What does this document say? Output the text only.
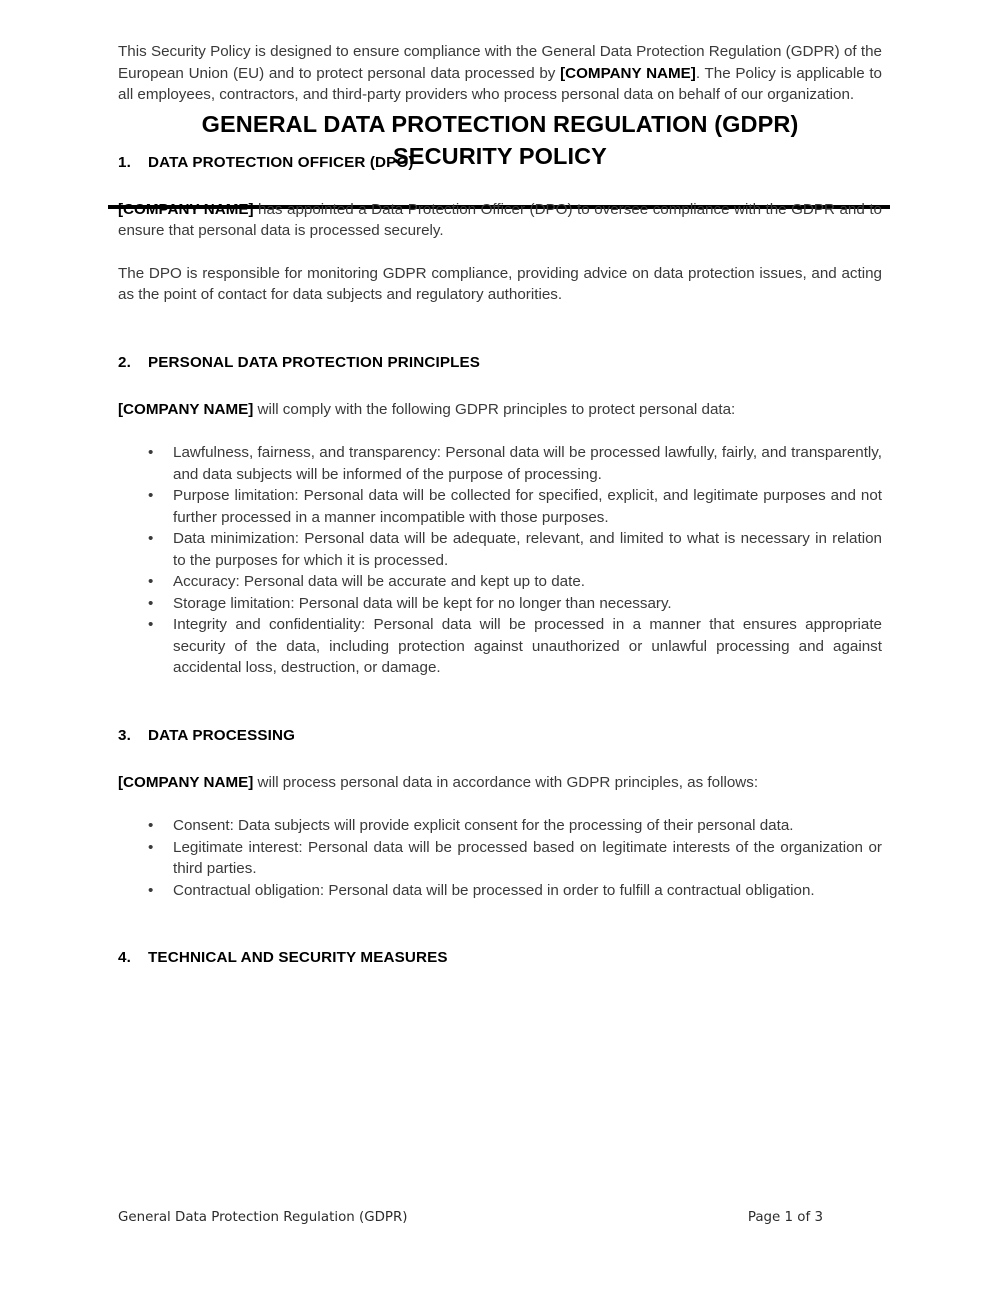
GENERAL DATA PROTECTION REGULATION (GDPR)
SECURITY POLICY

This Security Policy is designed to ensure compliance with the General Data Protection Regulation (GDPR) of the European Union (EU) and to protect personal data processed by [COMPANY NAME]. The Policy is applicable to all employees, contractors, and third-party providers who process personal data on behalf of our organization.

1.	DATA PROTECTION OFFICER (DPO)

[COMPANY NAME] has appointed a Data Protection Officer (DPO) to oversee compliance with the GDPR and to ensure that personal data is processed securely.

The DPO is responsible for monitoring GDPR compliance, providing advice on data protection issues, and acting as the point of contact for data subjects and regulatory authorities.

2.	PERSONAL DATA PROTECTION PRINCIPLES

[COMPANY NAME] will comply with the following GDPR principles to protect personal data:

• Lawfulness, fairness, and transparency: Personal data will be processed lawfully, fairly, and transparently, and data subjects will be informed of the purpose of processing.
• Purpose limitation: Personal data will be collected for specified, explicit, and legitimate purposes and not further processed in a manner incompatible with those purposes.
• Data minimization: Personal data will be adequate, relevant, and limited to what is necessary in relation to the purposes for which it is processed.
• Accuracy: Personal data will be accurate and kept up to date.
• Storage limitation: Personal data will be kept for no longer than necessary.
• Integrity and confidentiality: Personal data will be processed in a manner that ensures appropriate security of the data, including protection against unauthorized or unlawful processing and against accidental loss, destruction, or damage.
3.	DATA PROCESSING

[COMPANY NAME] will process personal data in accordance with GDPR principles, as follows:

• Consent: Data subjects will provide explicit consent for the processing of their personal data.
• Legitimate interest: Personal data will be processed based on legitimate interests of the organization or third parties.
• Contractual obligation: Personal data will be processed in order to fulfill a contractual obligation.
4.	TECHNICAL AND SECURITY MEASURES
General Data Protection Regulation (GDPR)	Page 1 of 3
